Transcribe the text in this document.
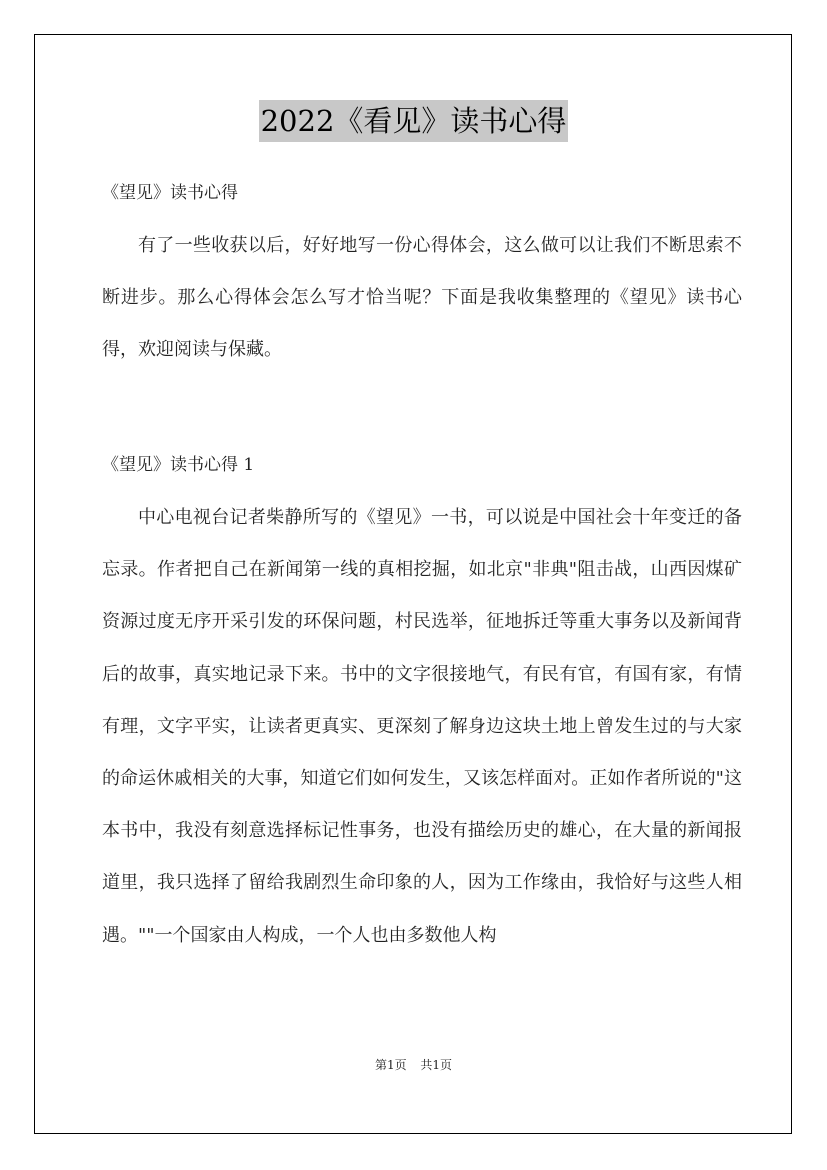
2022《看见》读书心得
《望见》读书心得

有了一些收获以后，好好地写一份心得体会，这么做可以让我们不断思索不断进步。那么心得体会怎么写才恰当呢？下面是我收集整理的《望见》读书心得，欢迎阅读与保藏。

《望见》读书心得 1

中心电视台记者柴静所写的《望见》一书，可以说是中国社会十年变迁的备忘录。作者把自己在新闻第一线的真相挖掘，如北京"非典"阻击战，山西因煤矿资源过度无序开采引发的环保问题，村民选举，征地拆迁等重大事务以及新闻背后的故事，真实地记录下来。书中的文字很接地气，有民有官，有国有家，有情有理，文字平实，让读者更真实、更深刻了解身边这块土地上曾发生过的与大家的命运休戚相关的大事，知道它们如何发生，又该怎样面对。正如作者所说的"这本书中，我没有刻意选择标记性事务，也没有描绘历史的雄心，在大量的新闻报道里，我只选择了留给我剧烈生命印象的人，因为工作缘由，我恰好与这些人相遇。""一个国家由人构成，一个人也由多数他人构

第1页 共1页
